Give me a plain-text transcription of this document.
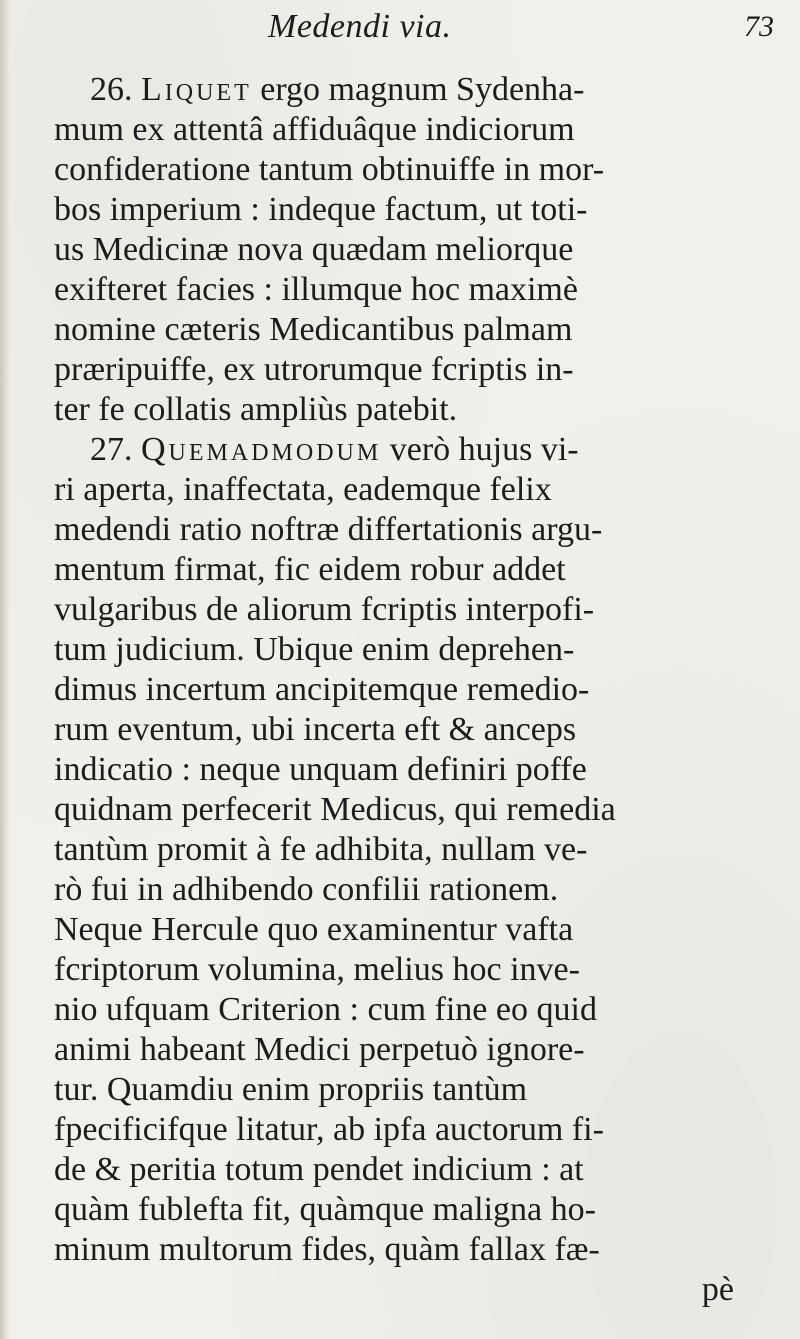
Medendi via.	73
26. Liquet ergo magnum Sydenha-
mum ex attentâ affiduâque indiciorum
confideratione tantum obtinuiffe in mor-
bos imperium : indeque factum, ut toti-
us Medicinæ nova quædam meliorque
exifteret facies : illumque hoc maximè
nomine cæteris Medicantibus palmam
præripuiffe, ex utrorumque fcriptis in-
ter fe collatis ampliùs patebit.
27. Quemadmodum verò hujus vi-
ri aperta, inaffectata, eademque felix
medendi ratio noftræ differtationis argu-
mentum firmat, fic eidem robur addet
vulgaribus de aliorum fcriptis interpofi-
tum judicium. Ubique enim deprehen-
dimus incertum ancipitemque remedio-
rum eventum, ubi incerta eft & anceps
indicatio : neque unquam definiri poffe
quidnam perfecerit Medicus, qui remedia
tantùm promit à fe adhibita, nullam ve-
rò fui in adhibendo confilii rationem.
Neque Hercule quo examinentur vafta
fcriptorum volumina, melius hoc inve-
nio ufquam Criterion : cum fine eo quid
animi habeant Medici perpetuò ignore-
tur. Quamdiu enim propriis tantùm
fpecificifque litatur, ab ipfa auctorum fi-
de & peritia totum pendet indicium : at
quàm fublefta fit, quàmque maligna ho-
minum multorum fides, quàm fallax fæ-
pè
